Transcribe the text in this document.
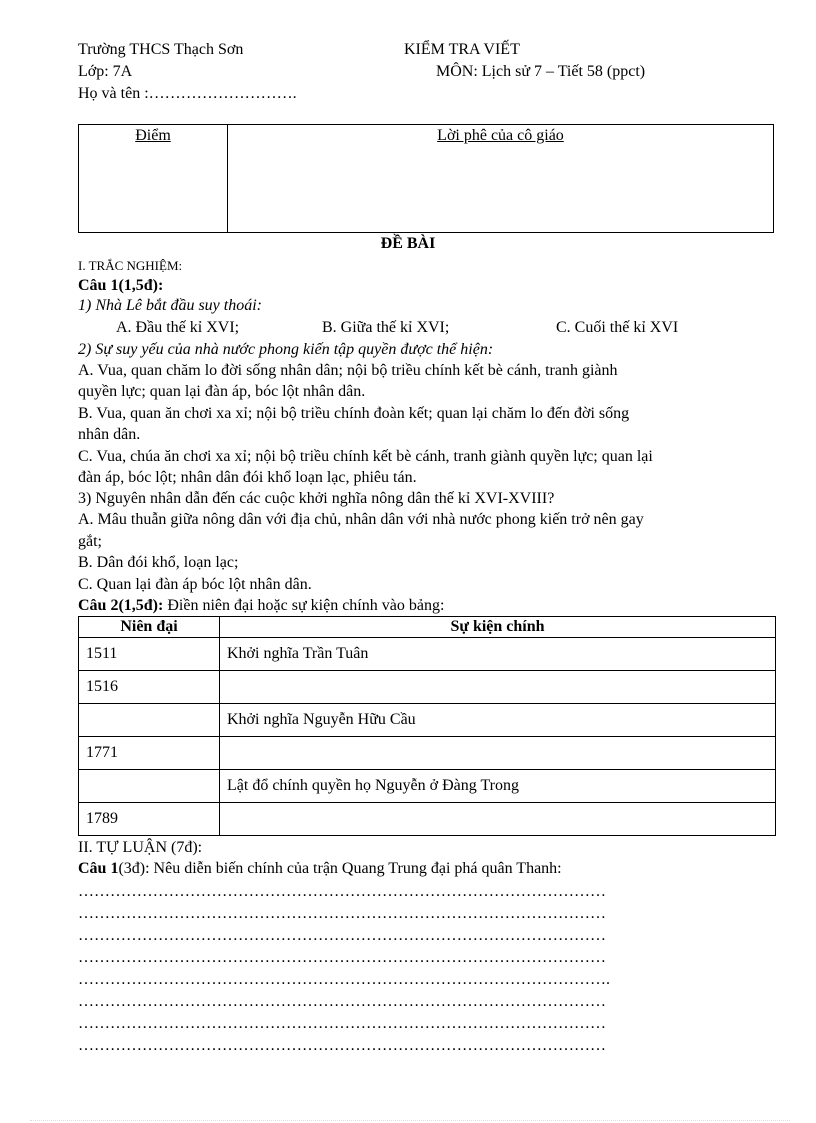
Trường THCS Thạch Sơn
Lớp: 7A
Họ và tên :……………………….
KIỂM TRA VIẾT
MÔN: Lịch sử 7 – Tiết 58 (ppct)
Điểm	Lời phê của cô giáo
ĐỀ BÀI
I. TRẮC NGHIỆM:
Câu 1(1,5đ):
1) Nhà Lê bắt đầu suy thoái:
A. Đầu thế kỉ XVI;	B. Giữa thế kỉ XVI;	C. Cuối thế kỉ XVI
2) Sự suy yếu của nhà nước phong kiến tập quyền được thể hiện:
A. Vua, quan chăm lo đời sống nhân dân; nội bộ triều chính kết bè cánh, tranh giành
quyền lực; quan lại đàn áp, bóc lột nhân dân.
B. Vua, quan ăn chơi xa xỉ; nội bộ triều chính đoàn kết; quan lại chăm lo đến đời sống
nhân dân.
C. Vua, chúa ăn chơi xa xỉ; nội bộ triều chính kết bè cánh, tranh giành quyền lực; quan lại
đàn áp, bóc lột; nhân dân đói khổ loạn lạc, phiêu tán.
3) Nguyên nhân dẫn đến các cuộc khởi nghĩa nông dân thế kỉ XVI-XVIII?
A. Mâu thuẫn giữa nông dân với địa chủ, nhân dân với nhà nước phong kiến trở nên gay
gắt;
B. Dân đói khổ, loạn lạc;
C. Quan lại đàn áp bóc lột nhân dân.
Câu 2(1,5đ): Điền niên đại hoặc sự kiện chính vào bảng:
Niên đại	Sự kiện chính
1511	Khởi nghĩa Trần Tuân
1516	
	Khởi nghĩa Nguyễn Hữu Cầu
1771	
	Lật đổ chính quyền họ Nguyễn ở Đàng Trong
1789	
II. TỰ LUẬN (7đ):
Câu 1(3đ): Nêu diễn biến chính của trận Quang Trung đại phá quân Thanh:
………………………………………………………………………………………
………………………………………………………………………………………
………………………………………………………………………………………
………………………………………………………………………………………
……………………………………………………………………………………….
………………………………………………………………………………………
………………………………………………………………………………………
………………………………………………………………………………………
